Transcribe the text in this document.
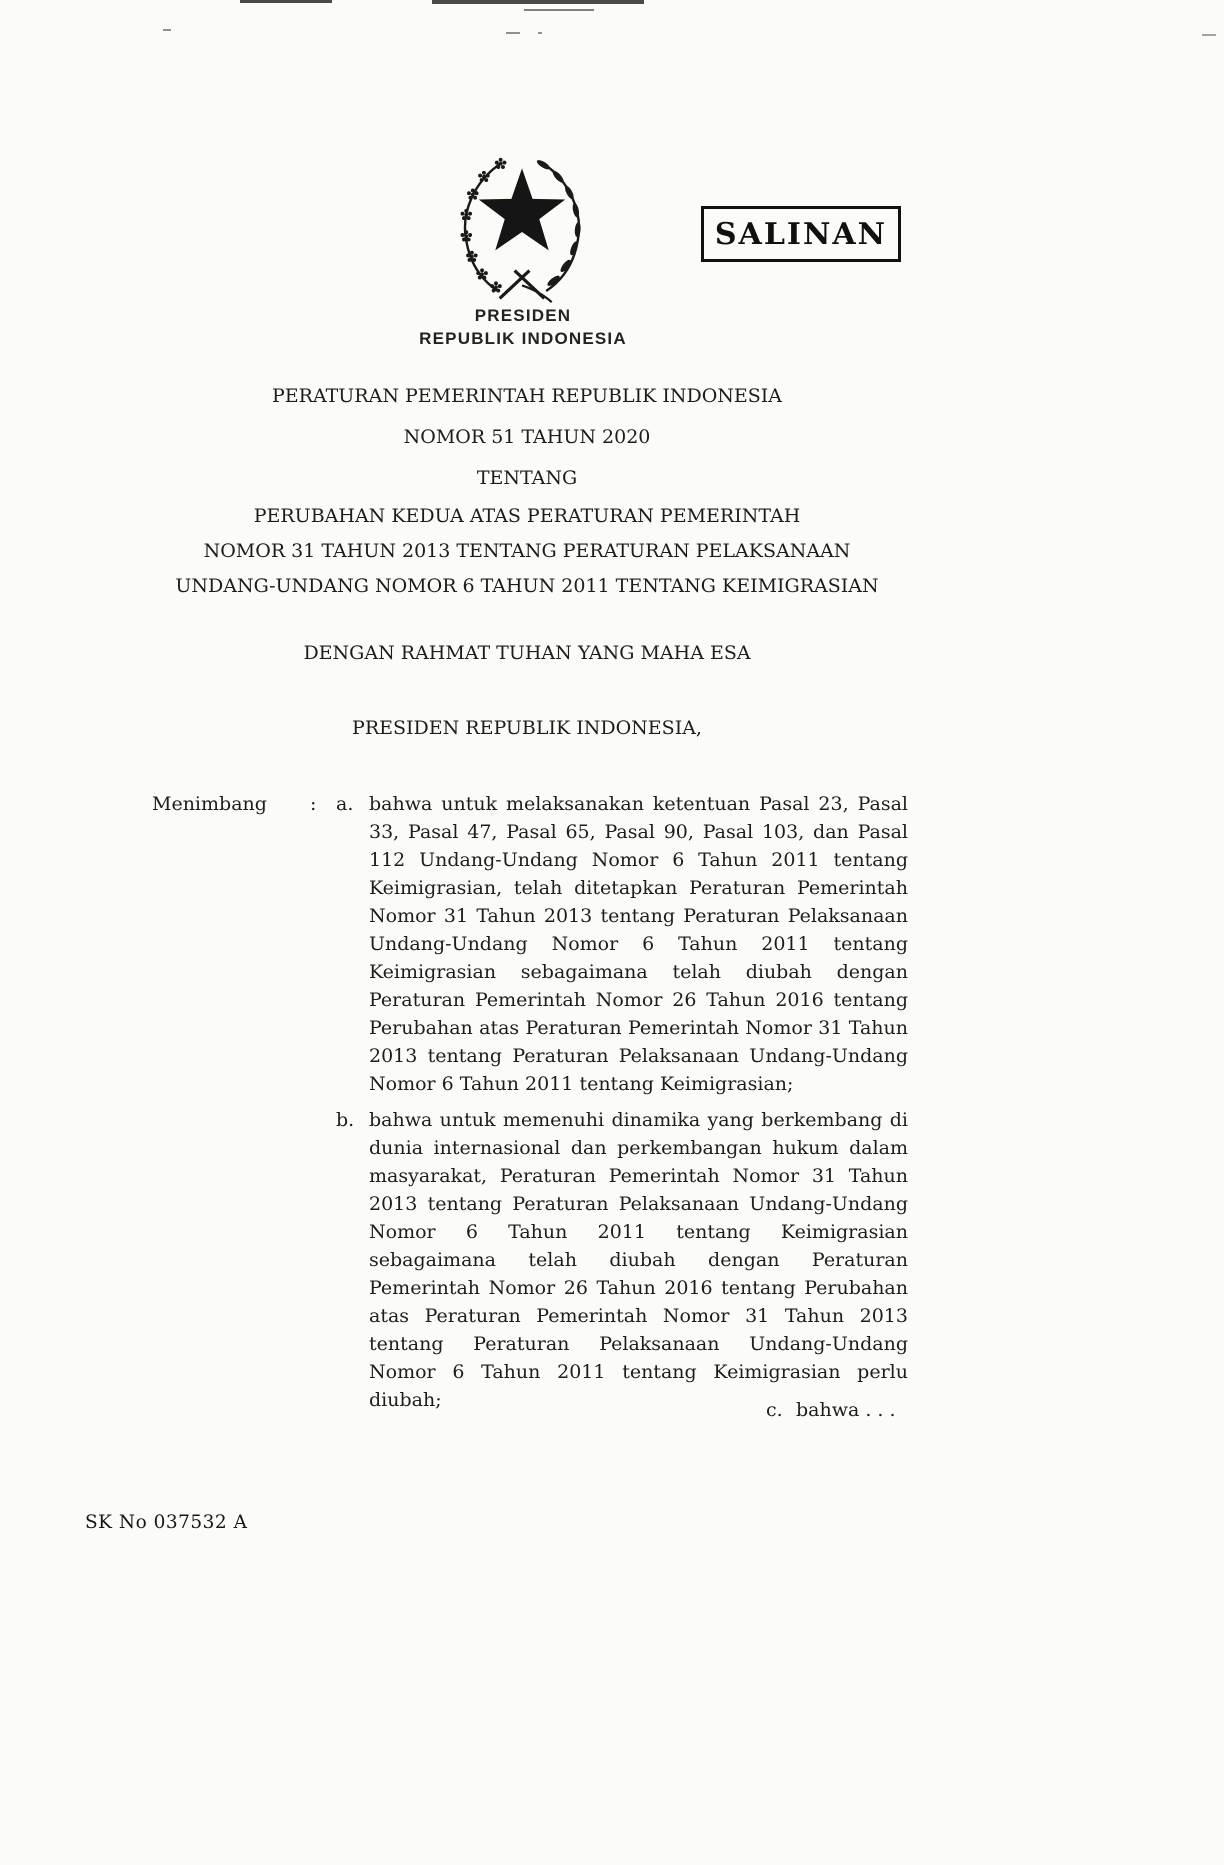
SALINAN
PRESIDEN
REPUBLIK INDONESIA
PERATURAN PEMERINTAH REPUBLIK INDONESIA
NOMOR 51 TAHUN 2020
TENTANG
PERUBAHAN KEDUA ATAS PERATURAN PEMERINTAH
NOMOR 31 TAHUN 2013 TENTANG PERATURAN PELAKSANAAN
UNDANG-UNDANG NOMOR 6 TAHUN 2011 TENTANG KEIMIGRASIAN
DENGAN RAHMAT TUHAN YANG MAHA ESA
PRESIDEN REPUBLIK INDONESIA,
Menimbang	:	a. bahwa untuk melaksanakan ketentuan Pasal 23, Pasal 33, Pasal 47, Pasal 65, Pasal 90, Pasal 103, dan Pasal 112 Undang-Undang Nomor 6 Tahun 2011 tentang Keimigrasian, telah ditetapkan Peraturan Pemerintah Nomor 31 Tahun 2013 tentang Peraturan Pelaksanaan Undang-Undang Nomor 6 Tahun 2011 tentang Keimigrasian sebagaimana telah diubah dengan Peraturan Pemerintah Nomor 26 Tahun 2016 tentang Perubahan atas Peraturan Pemerintah Nomor 31 Tahun 2013 tentang Peraturan Pelaksanaan Undang-Undang Nomor 6 Tahun 2011 tentang Keimigrasian;
b. bahwa untuk memenuhi dinamika yang berkembang di dunia internasional dan perkembangan hukum dalam masyarakat, Peraturan Pemerintah Nomor 31 Tahun 2013 tentang Peraturan Pelaksanaan Undang-Undang Nomor 6 Tahun 2011 tentang Keimigrasian sebagaimana telah diubah dengan Peraturan Pemerintah Nomor 26 Tahun 2016 tentang Perubahan atas Peraturan Pemerintah Nomor 31 Tahun 2013 tentang Peraturan Pelaksanaan Undang-Undang Nomor 6 Tahun 2011 tentang Keimigrasian perlu diubah;	c. bahwa . . .
SK No 037532 A
